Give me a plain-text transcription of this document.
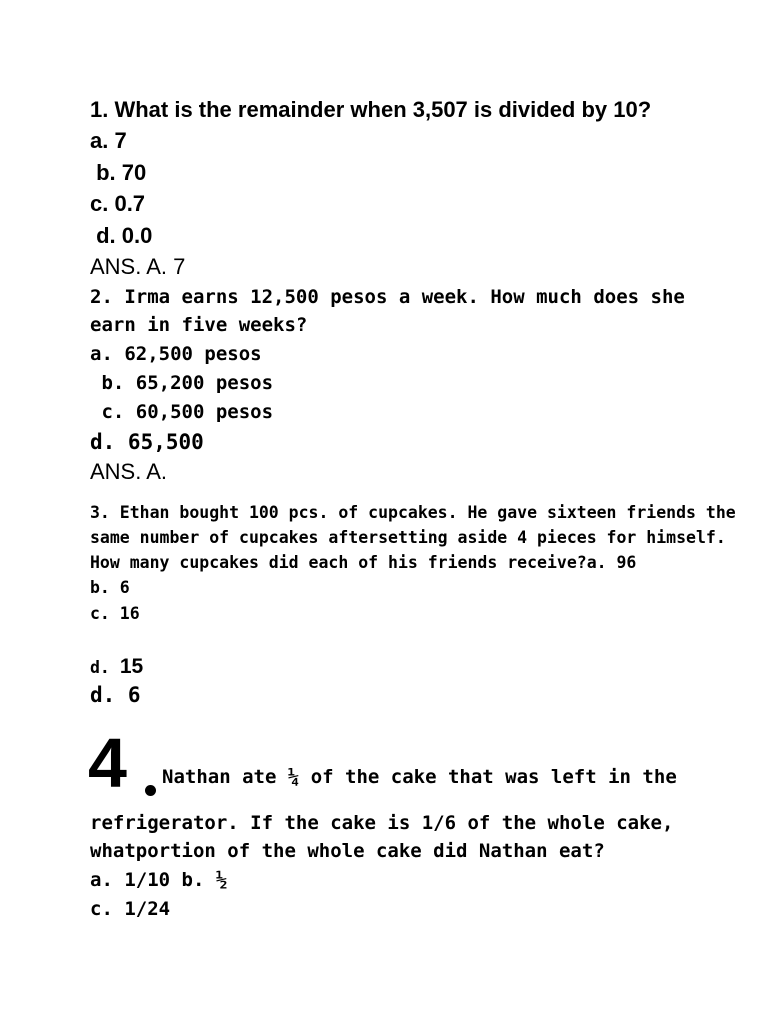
1. What is the remainder when 3,507 is divided by 10?
a. 7
b. 70
c. 0.7
d. 0.0
ANS. A. 7
2. Irma earns 12,500 pesos a week. How much does she
earn in five weeks?
a. 62,500 pesos
b. 65,200 pesos
c. 60,500 pesos
d. 65,500
ANS. A.
3. Ethan bought 100 pcs. of cupcakes. He gave sixteen friends the
same number of cupcakes aftersetting aside 4 pieces for himself.
How many cupcakes did each of his friends receive?a. 96
b. 6
c. 16
d. 15
d. 6
4 Nathan ate ¼ of the cake that was left in the
refrigerator. If the cake is 1/6 of the whole cake,
whatportion of the whole cake did Nathan eat?
a. 1/10 b. ½
c. 1/24
